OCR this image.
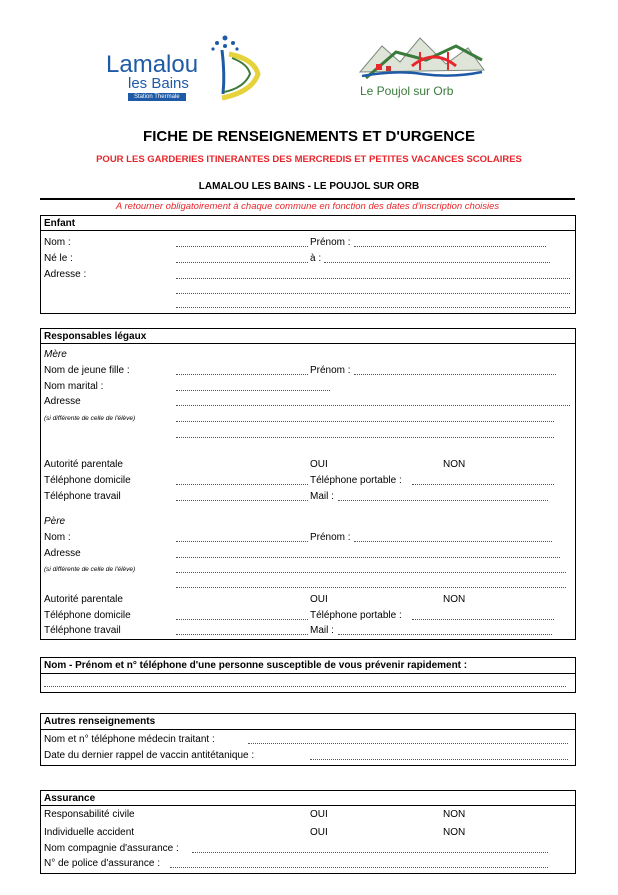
Lamalou
les Bains
Station Thermale	Le Poujol sur Orb
FICHE DE RENSEIGNEMENTS ET D'URGENCE
POUR LES GARDERIES ITINERANTES DES MERCREDIS ET PETITES VACANCES SCOLAIRES
LAMALOU LES BAINS - LE POUJOL SUR ORB
A retourner obligatoirement à chaque commune en fonction des dates d'inscription choisies
Enfant
Nom :	Prénom :
Né le :	à :
Adresse :
Responsables légaux
Mère
Nom de jeune fille :	Prénom :
Nom marital :
Adresse
(si différente de celle de l'élève)
Autorité parentale	OUI	NON
Téléphone domicile	Téléphone portable :
Téléphone travail	Mail :
Père
Nom :	Prénom :
Adresse
(si différente de celle de l'élève)
Autorité parentale	OUI	NON
Téléphone domicile	Téléphone portable :
Téléphone travail	Mail :
Nom - Prénom et n° téléphone d'une personne susceptible de vous prévenir rapidement :
Autres renseignements
Nom et n° téléphone médecin traitant :
Date du dernier rappel de vaccin antitétanique :
Assurance
Responsabilité civile	OUI	NON
Individuelle accident	OUI	NON
Nom compagnie d'assurance :
N° de police d'assurance :
